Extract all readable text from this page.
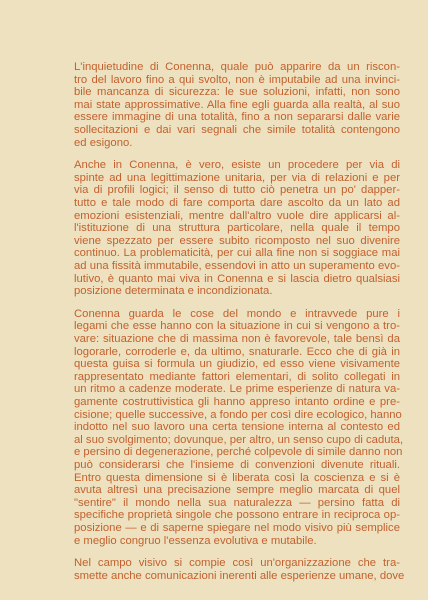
L'inquietudine di Conenna, quale può apparire da un riscon-
tro del lavoro fino a qui svolto, non è imputabile ad una invinci-
bile mancanza di sicurezza: le sue soluzioni, infatti, non sono
mai state approssimative. Alla fine egli guarda alla realtà, al suo
essere immagine di una totalità, fino a non separarsi dalle varie
sollecitazioni e dai vari segnali che simile totalità contengono
ed esigono.
Anche in Conenna, è vero, esiste un procedere per via di
spinte ad una legittimazione unitaria, per via di relazioni e per
via di profili logici; il senso di tutto ciò penetra un po' dapper-
tutto e tale modo di fare comporta dare ascolto da un lato ad
emozioni esistenziali, mentre dall'altro vuole dire applicarsi al-
l'istituzione di una struttura particolare, nella quale il tempo
viene spezzato per essere subito ricomposto nel suo divenire
continuo. La problematicità, per cui alla fine non si soggiace mai
ad una fissità immutabile, essendovi in atto un superamento evo-
lutivo, è quanto mai viva in Conenna e si lascia dietro qualsiasi
posizione determinata e incondizionata.
Conenna guarda le cose del mondo e intravvede pure i
legami che esse hanno con la situazione in cui si vengono a tro-
vare: situazione che di massima non è favorevole, tale bensì da
logorarle, corroderle e, da ultimo, snaturarle. Ecco che di già in
questa guisa si formula un giudizio, ed esso viene visivamente
rappresentato mediante fattori elementari, di solito collegati in
un ritmo a cadenze moderate. Le prime esperienze di natura va-
gamente costruttivistica gli hanno appreso intanto ordine e pre-
cisione; quelle successive, a fondo per così dire ecologico, hanno
indotto nel suo lavoro una certa tensione interna al contesto ed
al suo svolgimento; dovunque, per altro, un senso cupo di caduta,
e persino di degenerazione, perché colpevole di simile danno non
può considerarsi che l'insieme di convenzioni divenute rituali.
Entro questa dimensione si è liberata così la coscienza e si è
avuta altresì una precisazione sempre meglio marcata di quel
"sentire" il mondo nella sua naturalezza — persino fatta di
specifiche proprietà singole che possono entrare in reciproca op-
posizione — e di saperne spiegare nel modo visivo più semplice
e meglio congruo l'essenza evolutiva e mutabile.
Nel campo visivo si compie così un'organizzazione che tra-
smette anche comunicazioni inerenti alle esperienze umane, dove
